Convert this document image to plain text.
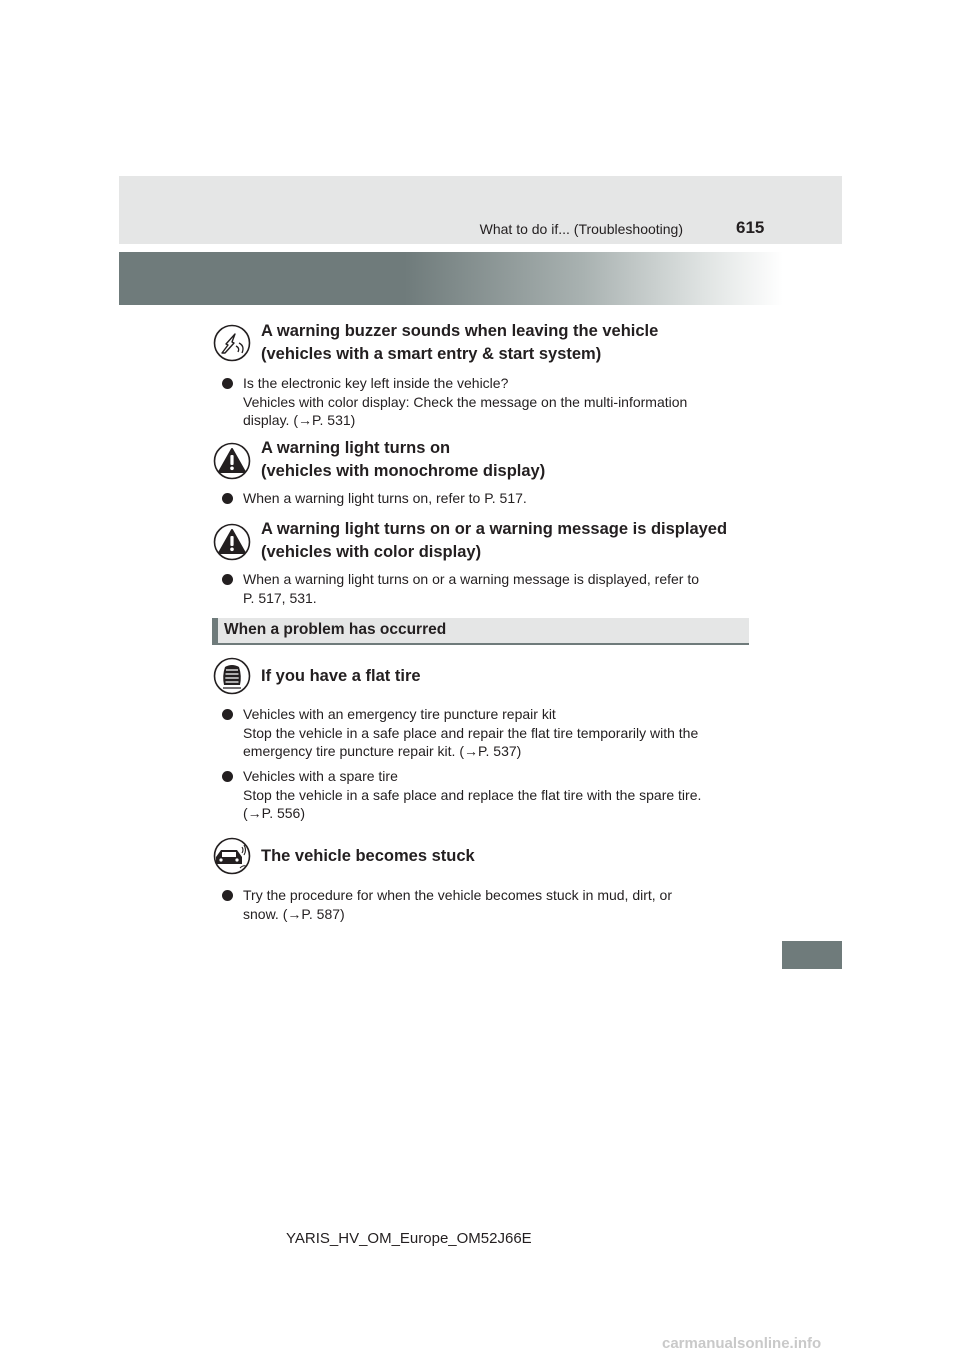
What to do if... (Troubleshooting)	615
A warning buzzer sounds when leaving the vehicle
(vehicles with a smart entry & start system)
Is the electronic key left inside the vehicle?
Vehicles with color display: Check the message on the multi-information
display. (→P. 531)
A warning light turns on
(vehicles with monochrome display)
When a warning light turns on, refer to P. 517.
A warning light turns on or a warning message is displayed
(vehicles with color display)
When a warning light turns on or a warning message is displayed, refer to
P. 517, 531.
When a problem has occurred
If you have a flat tire
Vehicles with an emergency tire puncture repair kit
Stop the vehicle in a safe place and repair the flat tire temporarily with the
emergency tire puncture repair kit. (→P. 537)
Vehicles with a spare tire
Stop the vehicle in a safe place and replace the flat tire with the spare tire.
(→P. 556)
The vehicle becomes stuck
Try the procedure for when the vehicle becomes stuck in mud, dirt, or
snow. (→P. 587)
YARIS_HV_OM_Europe_OM52J66E
carmanualsonline.info
